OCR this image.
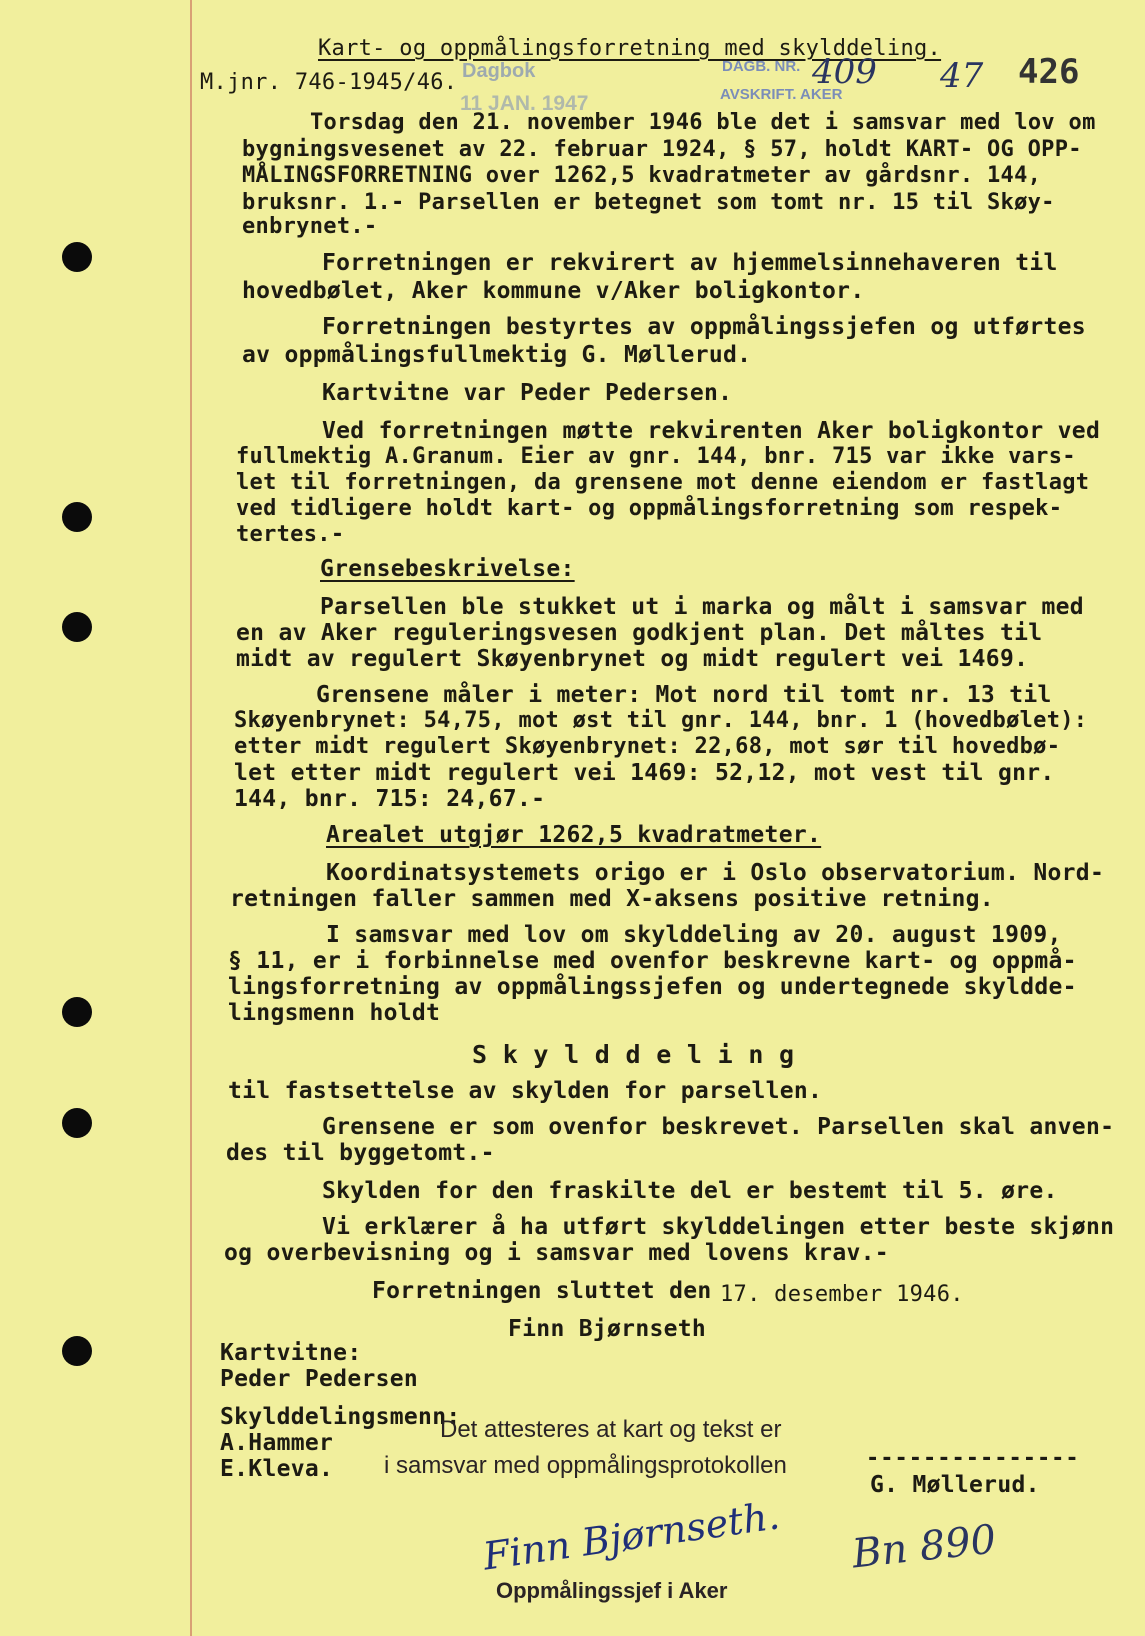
Kart- og oppmålingsforretning med skylddeling.
M.jnr. 746-1945/46. Dagbok
11 JAN. 1947
DAGB. NR.
AVSKRIFT. AKER
409 47 426
Torsdag den 21. november 1946 ble det i samsvar med lov om
bygningsvesenet av 22. februar 1924, § 57, holdt KART- OG OPP-
MÅLINGSFORRETNING over 1262,5 kvadratmeter av gårdsnr. 144,
bruksnr. 1.- Parsellen er betegnet som tomt nr. 15 til Skøy-
enbrynet.-
Forretningen er rekvirert av hjemmelsinnehaveren til
hovedbølet, Aker kommune v/Aker boligkontor.
Forretningen bestyrtes av oppmålingssjefen og utførtes
av oppmålingsfullmektig G. Møllerud.
Kartvitne var Peder Pedersen.
Ved forretningen møtte rekvirenten Aker boligkontor ved
fullmektig A.Granum. Eier av gnr. 144, bnr. 715 var ikke vars-
let til forretningen, da grensene mot denne eiendom er fastlagt
ved tidligere holdt kart- og oppmålingsforretning som respek-
tertes.-
Grensebeskrivelse:
Parsellen ble stukket ut i marka og målt i samsvar med
en av Aker reguleringsvesen godkjent plan. Det måltes til
midt av regulert Skøyenbrynet og midt regulert vei 1469.
Grensene måler i meter: Mot nord til tomt nr. 13 til
Skøyenbrynet: 54,75, mot øst til gnr. 144, bnr. 1 (hovedbølet):
etter midt regulert Skøyenbrynet: 22,68, mot sør til hovedbø-
let etter midt regulert vei 1469: 52,12, mot vest til gnr.
144, bnr. 715: 24,67.-
Arealet utgjør 1262,5 kvadratmeter.
Koordinatsystemets origo er i Oslo observatorium. Nord-
retningen faller sammen med X-aksens positive retning.
I samsvar med lov om skylddeling av 20. august 1909,
§ 11, er i forbinnelse med ovenfor beskrevne kart- og oppmå-
lingsforretning av oppmålingssjefen og undertegnede skyldde-
lingsmenn holdt
S k y l d d e l i n g
til fastsettelse av skylden for parsellen.
Grensene er som ovenfor beskrevet. Parsellen skal anven-
des til byggetomt.-
Skylden for den fraskilte del er bestemt til 5. øre.
Vi erklærer å ha utført skylddelingen etter beste skjønn
og overbevisning og i samsvar med lovens krav.-
Forretningen sluttet den 17. desember 1946.
Finn Bjørnseth
Kartvitne:
Peder Pedersen
Skylddelingsmenn:
A.Hammer
E.Kleva.
Det attesteres at kart og tekst er
i samsvar med oppmålingsprotokollen	---------------
G. Møllerud.
Finn Bjørnseth.
Oppmålingssjef i Aker
Bn 890
